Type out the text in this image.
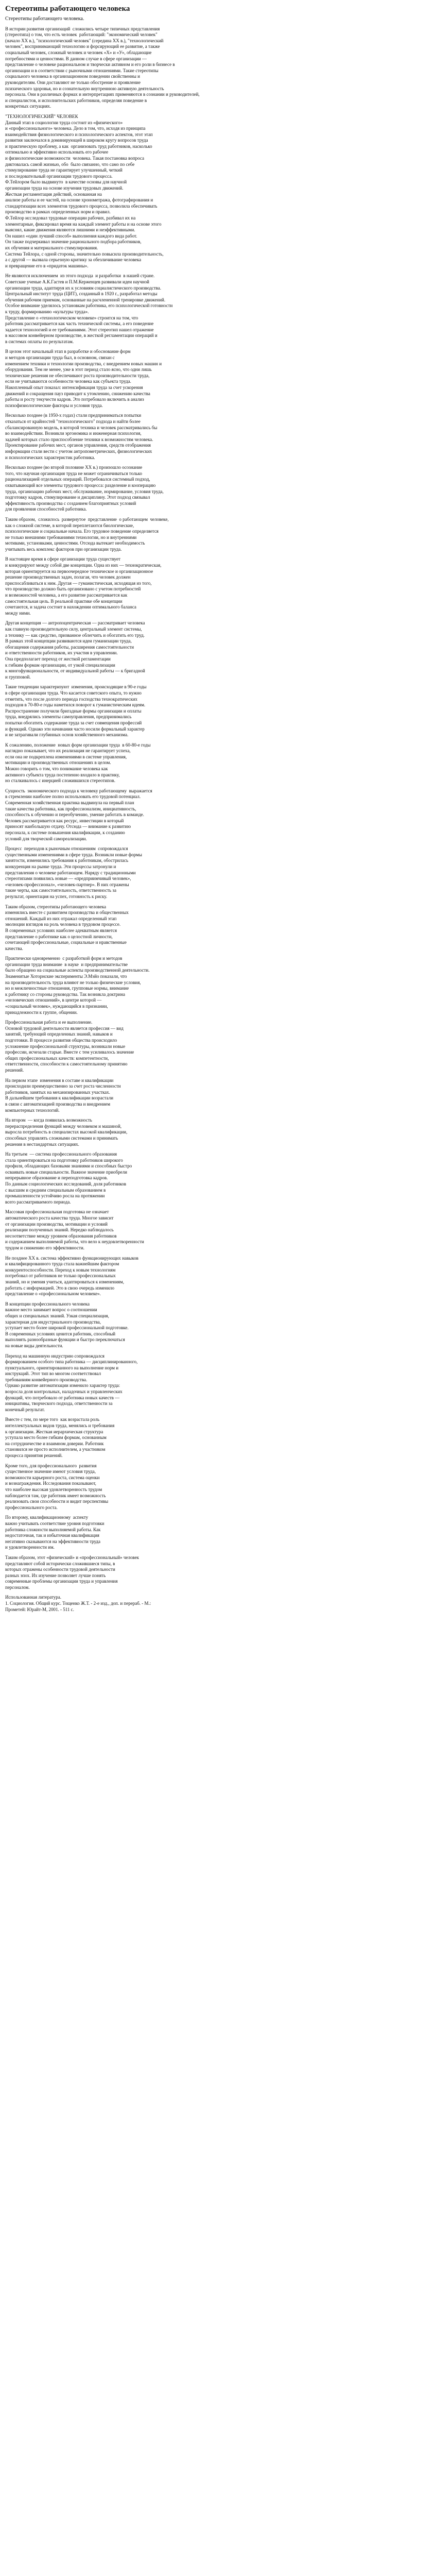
Стереотипы работающего человека
Стереотипы работающего человека.
В истории развития организаций  сложились четыре типичных представления
(стереотипа) о том, что есть человек  работающий: "экономический человек"
(начало ХХ в.), "психологический человек" (середина ХХ в.), "технологический
человек", воспринимающий технологию и форсирующий ее развитие, а также
социальный человек, сложный человек и человек «Х» и «У», обладающие
потребностями и ценностями. В данном случае в сфере организации —
представление о человеке рациональном и творчески активном и его роли в бизнесе в
организации и в соответствии с рыночными отношениями. Такие стереотипы
социального человека в организационном поведении свойственны и
руководителям. Они доставляют не только обострение и проявление
психического здоровья, но и сознательную внутреннюю активную деятельность
персонала. Они в различных формах и интерпретациях применяются в сознании и руководителей,
и специалистов, и исполнительских работников, определяя поведение в
конкретных ситуациях.
"ТЕХНОЛОГИЧЕСКИЙ" ЧЕЛОВЕК
Данный этап в социологии труда состоит из «физического»
и «профессионального» человека. Дело в том, что, исходя из принципа
взаимодействия физиологического и психологического аспектов, этот этап
развития заключался в доминирующей в широком кругу вопросов труда
и практическую проблему, а как  организовать труд работников, насколько
оптимально и эффективно использовать его рабочее
и физиологические возможности  человека. Такая постановка вопроса
диктовалась самой жизнью, обо  было связанно, что само по себе
стимулирование труда не гарантирует улучшенный, четкий
и последовательный организации трудового процесса.
Ф.Тейлором было выдвинуто  в качестве основы для научной
организации труда на основе изучения трудовых движений.
Жесткая регламентация действий, основанная на
анализе работы и ее частей, на основе хронометража, фотографирования и
стандартизации всех элементов трудового процесса, позволила обеспечивать
производство в рамках определенных норм и правил.
Ф.Тейлор исследовал трудовые операции рабочих, разбивал их на
элементарные, фиксировал время на каждый элемент работы и на основе этого
выяснял, какие движения являются лишними и неэффективными.
Он нашел «один лучший способ» выполнения каждого вида работ.
Он также подчеркивал значение рационального подбора работников,
их обучения и материального стимулирования.
Система Тейлора, с одной стороны, значительно повысила производительность,
а с другой — вызвала серьезную критику за обезличивание человека
и превращение его в «придаток машины».
Не являются исключением  из этого подхода  и разработки  в нашей стране.
Советские ученые А.К.Гастев и П.М.Керженцев развивали идеи научной
организации труда, адаптируя их к условиям социалистического производства.
Центральный институт труда (ЦИТ), созданный в 1920 г., разработал методы
обучения рабочим приемам, основанные на расчлененной тренировке движений.
Особое внимание уделялось установкам работника, его психологической готовности
к труду, формированию «культуры труда».
Представление о «технологическом человеке» строится на том, что
работник рассматривается как часть технической системы, а его поведение
задается технологией и ее требованиями. Этот стереотип нашел отражение
в массовом конвейерном производстве, в жесткой регламентации операций и
в системах оплаты по результатам.
В целом этот начальный этап в разработке и обоснование форм
и методов организации труда был, в основном, связан с
изменением техники и технологии производства, с внедрением новых машин и
оборудования. Тем не менее, уже в этот период стало ясно, что одни лишь
технические решения не обеспечивают роста производительности труда,
если не учитываются особенности человека как субъекта труда.
Накопленный опыт показал: интенсификация труда за счет ускорения
движений и сокращения пауз приводит к утомлению, снижению качества
работы и росту текучести кадров. Это потребовало включить в анализ
психофизиологические факторы и условия труда.
Несколько позднее (в 1950-х годах) стали предприниматься попытки
отказаться от крайностей "технологического" подхода и найти более
сбалансированную модель, в которой техника и человек рассматривались бы
во взаимодействии. Возникли эргономика и инженерная психология,
задачей которых стало приспособление техники к возможностям человека.
Проектирование рабочих мест, органов управления, средств отображения
информации стали вести с учетом антропометрических, физиологических
и психологических характеристик работника.
Несколько позднее (во второй половине ХХ в.) произошло осознание
того, что научная организация труда не может ограничиваться только
рационализацией отдельных операций. Потребовался системный подход,
охватывающий все элементы трудового процесса: разделение и кооперацию
труда, организацию рабочих мест, обслуживание, нормирование, условия труда,
подготовку кадров, стимулирование и дисциплину. Этот подход связывал
эффективность производства с созданием благоприятных условий
для проявления способностей работника.
Таким образом,  сложилось  развернутое  представление  о работающем  человеке,
как о сложной системе, в которой переплетаются биологические,
психологические и социальные начала. Его трудовое поведение определяется
не только внешними требованиями технологии, но и внутренними
мотивами, установками, ценностями. Отсюда вытекает необходимость
учитывать весь комплекс факторов при организации труда.
В настоящее время в сфере организации труда существует
и конкурируют между собой две концепции. Одна из них — технократическая,
которая ориентируется на первоочередное техническое и организационное
решение производственных задач, полагая, что человек должен
приспосабливаться к ним. Другая — гуманистическая, исходящая из того,
что производство должно быть организовано с учетом потребностей
и возможностей человека, а его развитие рассматривается как
самостоятельная цель. В реальной практике обе концепции
сочетаются, и задача состоит в нахождении оптимального баланса
между ними.
Другая концепция — антропоцентрическая — рассматривает человека
как главную производительную силу, центральный элемент системы,
а технику — как средство, призванное облегчить и обогатить его труд.
В рамках этой концепции развиваются идеи гуманизации труда,
обогащения содержания работы, расширения самостоятельности
и ответственности работников, их участия в управлении.
Она предполагает переход от жесткой регламентации
к гибким формам организации, от узкой специализации
к многофункциональности, от индивидуальной работы — к бригадной
и групповой.
Такие тенденции характеризуют  изменения, происходящие в 90-е годы
в сфере организации труда. Что касается советского опыта, то нужно
отметить, что после долгого периода господства технократических
подходов в 70-80-е годы наметился поворот к гуманистическим идеям.
Распространение получили бригадные формы организации и оплаты
труда, внедрялись элементы самоуправления, предпринимались
попытки обогатить содержание труда за счет совмещения профессий
и функций. Однако эти начинания часто носили формальный характер
и не затрагивали глубинных основ хозяйственного механизма.
К сожалению, положение  новых форм организации труда  в 60-80-е годы
наглядно показывает, что их реализация не гарантирует успеха,
если она не подкреплена изменениями в системе управления,
мотивации и производственных отношениях в целом.
Можно говорить о том, что понимание человека как
активного субъекта труда постепенно входило в практику,
но сталкивалось с инерцией сложившихся стереотипов.
Сущность  экономического подхода к человеку работающему  выражается
в стремлении наиболее полно использовать его трудовой потенциал.
Современная хозяйственная практика выдвинула на первый план
такие качества работника, как профессионализм, инициативность,
способность к обучению и переобучению, умение работать в команде.
Человек рассматривается как ресурс, инвестиции в который
приносят наибольшую отдачу. Отсюда — внимание к развитию
персонала, к системе повышения квалификации, к созданию
условий для творческой самореализации.
Процесс  переходов к рыночным отношениям  сопровождался
существенными изменениями в сфере труда. Возникли новые формы
занятости, изменились требования к работникам, обострилась
конкуренция на рынке труда. Эти процессы затронули и
представления о человеке работающем. Наряду с традиционными
стереотипами появились новые — «предприимчивый человек»,
«человек-профессионал», «человек-партнер». В них отражены
такие черты, как самостоятельность, ответственность за
результат, ориентация на успех, готовность к риску.
Таким образом, стереотипы работающего человека
изменялись вместе с развитием производства и общественных
отношений. Каждый из них отражал определенный этап
эволюции взглядов на роль человека в трудовом процессе.
В современных условиях наиболее адекватным является
представление о работнике как о целостной личности,
сочетающей профессиональные, социальные и нравственные
качества.
Практически одновременно  с разработкой форм и методов
организации труда внимание  в науке  и предпринимательстве
было обращено на социальные аспекты производственной деятельности.
Знаменитые Хоторнские эксперименты Э.Мэйо показали, что
на производительность труда влияют не только физические условия,
но и межличностные отношения, групповые нормы, внимание
к работнику со стороны руководства. Так возникла доктрина
«человеческих отношений», в центре которой —
«социальный человек», нуждающийся в признании,
принадлежности к группе, общении.
Профессиональная работа и ее выполнение.
Основой трудовой деятельности является профессия — вид
занятий, требующий определенных знаний, навыков и
подготовки. В процессе развития общества происходило
усложнение профессиональной структуры, возникали новые
профессии, исчезали старые. Вместе с тем усиливалось значение
общих профессиональных качеств: компетентности,
ответственности, способности к самостоятельному принятию
решений.
На первом этапе  изменения в составе и квалификации
происходили преимущественно за счет роста численности
работников, занятых на механизированных участках.
В дальнейшем требования к квалификации возрастали
в связи с автоматизацией производства и внедрением
компьютерных технологий.
На втором  — когда появилась возможность
перераспределения функций между человеком и машиной,
выросла потребность в специалистах высокой квалификации,
способных управлять сложными системами и принимать
решения в нестандартных ситуациях.
На третьем  — система профессионального образования
стала ориентироваться на подготовку работников широкого
профиля, обладающих базовыми знаниями и способных быстро
осваивать новые специальности. Важное значение приобрели
непрерывное образование и переподготовка кадров.
По данным социологических исследований, доля работников
с высшим и средним специальным образованием в
промышленности устойчиво росла на протяжении
всего рассматриваемого периода.
Массовая профессиональная подготовка не означает
автоматического роста качества труда. Многое зависит
от организации производства, мотивации и условий
реализации полученных знаний. Нередко наблюдалось
несоответствие между уровнем образования работников
и содержанием выполняемой работы, что вело к неудовлетворенности
трудом и снижению его эффективности.
Не позднее XX в. система эффективно функционирующих навыков
и квалифицированного труда стала важнейшим фактором
конкурентоспособности. Переход к новым технологиям
потребовал от работников не только профессиональных
знаний, но и умения учиться, адаптироваться к изменениям,
работать с информацией. Это в свою очередь изменило
представление о «профессиональном человеке».
В концепции профессионального человека
важное место занимает вопрос о соотношении
общих и специальных знаний. Узкая специализация,
характерная для индустриального производства,
уступает место более широкой профессиональной подготовке.
В современных условиях ценится работник, способный
выполнять разнообразные функции и быстро переключаться
на новые виды деятельности.
Переход на машинную индустрию сопровождался
формированием особого типа работника — дисциплинированного,
пунктуального, ориентированного на выполнение норм и
инструкций. Этот тип во многом соответствовал
требованиям конвейерного производства.
Однако развитие автоматизации изменило характер труда:
возросла доля контрольных, наладочных и управленческих
функций, что потребовало от работника новых качеств —
инициативы, творческого подхода, ответственности за
конечный результат.
Вместе с тем, по мере того  как возрастала роль
интеллектуальных видов труда, менялись и требования
к организации. Жесткая иерархическая структура
уступала место более гибким формам, основанным
на сотрудничестве и взаимном доверии. Работник
становился не просто исполнителем, а участником
процесса принятия решений.
Кроме того, для профессионального  развития
существенное значение имеют условия труда,
возможности карьерного роста, система оценки
и вознаграждения. Исследования показывают,
что наиболее высокая удовлетворенность трудом
наблюдается там, где работник имеет возможность
реализовать свои способности и видит перспективы
профессионального роста.
По второму, квалификационному  аспекту
важно учитывать соответствие уровня подготовки
работника сложности выполняемой работы. Как
недостаточная, так и избыточная квалификация
негативно сказываются на эффективности труда
и удовлетворенности им.
Таким образом, этот «физический» и «профессиональный» человек
представляют собой исторически сложившиеся типы, в
которых отражены особенности трудовой деятельности
разных эпох. Их изучение позволяет лучше понять
современные проблемы организации труда и управления
персоналом.
Использованная литература.
1. Социология. Общий курс. Тощенко Ж.Т. - 2-е изд., доп. и перераб. - М.:
Прометей: Юрайт-М, 2001. - 511 с.
